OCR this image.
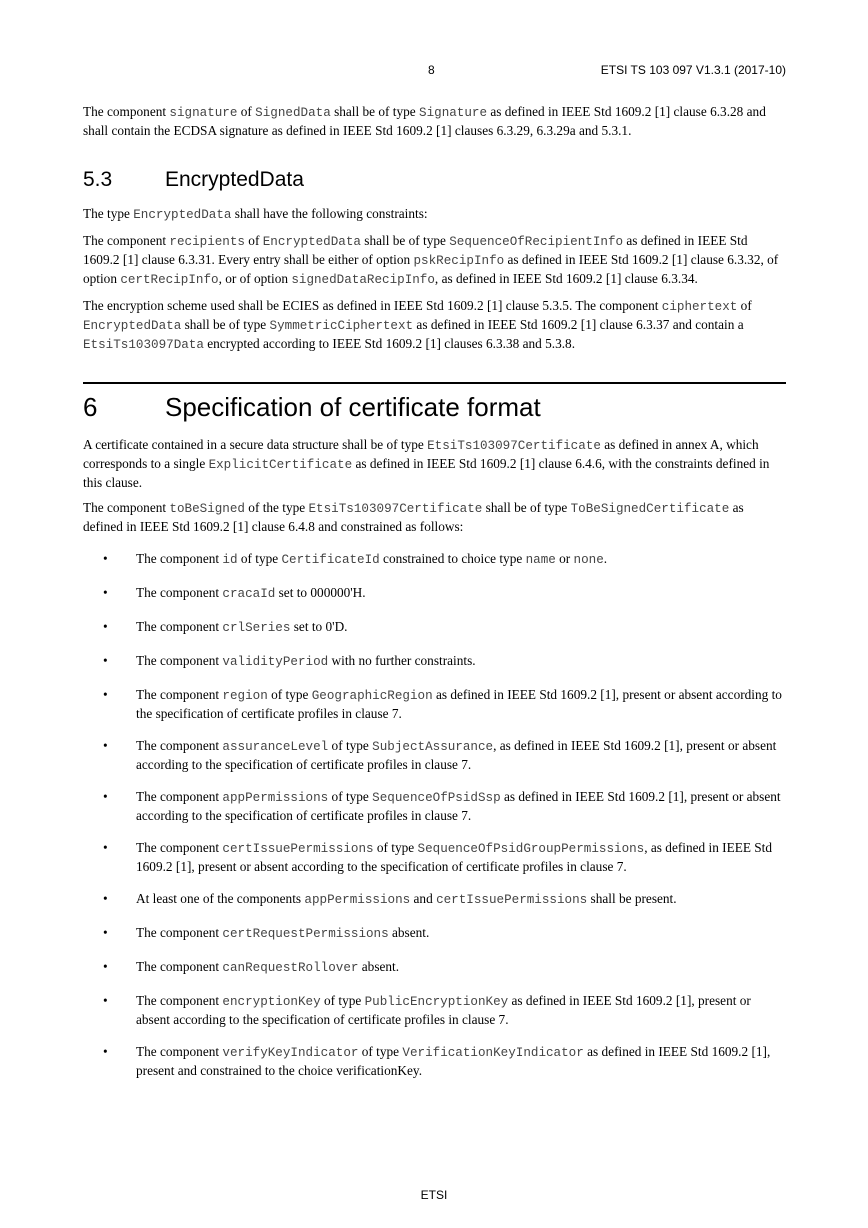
8	ETSI TS 103 097 V1.3.1 (2017-10)

The component signature of SignedData shall be of type Signature as defined in IEEE Std 1609.2 [1] clause 6.3.28 and shall contain the ECDSA signature as defined in IEEE Std 1609.2 [1] clauses 6.3.29, 6.3.29a and 5.3.1.

5.3	EncryptedData

The type EncryptedData shall have the following constraints:

The component recipients of EncryptedData shall be of type SequenceOfRecipientInfo as defined in IEEE Std 1609.2 [1] clause 6.3.31. Every entry shall be either of option pskRecipInfo as defined in IEEE Std 1609.2 [1] clause 6.3.32, of option certRecipInfo, or of option signedDataRecipInfo, as defined in IEEE Std 1609.2 [1] clause 6.3.34.

The encryption scheme used shall be ECIES as defined in IEEE Std 1609.2 [1] clause 5.3.5. The component ciphertext of EncryptedData shall be of type SymmetricCiphertext as defined in IEEE Std 1609.2 [1] clause 6.3.37 and contain a EtsiTs103097Data encrypted according to IEEE Std 1609.2 [1] clauses 6.3.38 and 5.3.8.

6	Specification of certificate format

A certificate contained in a secure data structure shall be of type EtsiTs103097Certificate as defined in annex A, which corresponds to a single ExplicitCertificate as defined in IEEE Std 1609.2 [1] clause 6.4.6, with the constraints defined in this clause.

The component toBeSigned of the type EtsiTs103097Certificate shall be of type ToBeSignedCertificate as defined in IEEE Std 1609.2 [1] clause 6.4.8 and constrained as follows:

• The component id of type CertificateId constrained to choice type name or none.
• The component cracaId set to 000000'H.
• The component crlSeries set to 0'D.
• The component validityPeriod with no further constraints.
• The component region of type GeographicRegion as defined in IEEE Std 1609.2 [1], present or absent according to the specification of certificate profiles in clause 7.
• The component assuranceLevel of type SubjectAssurance, as defined in IEEE Std 1609.2 [1], present or absent according to the specification of certificate profiles in clause 7.
• The component appPermissions of type SequenceOfPsidSsp as defined in IEEE Std 1609.2 [1], present or absent according to the specification of certificate profiles in clause 7.
• The component certIssuePermissions of type SequenceOfPsidGroupPermissions, as defined in IEEE Std 1609.2 [1], present or absent according to the specification of certificate profiles in clause 7.
• At least one of the components appPermissions and certIssuePermissions shall be present.
• The component certRequestPermissions absent.
• The component canRequestRollover absent.
• The component encryptionKey of type PublicEncryptionKey as defined in IEEE Std 1609.2 [1], present or absent according to the specification of certificate profiles in clause 7.
• The component verifyKeyIndicator of type VerificationKeyIndicator as defined in IEEE Std 1609.2 [1], present and constrained to the choice verificationKey.
ETSI
